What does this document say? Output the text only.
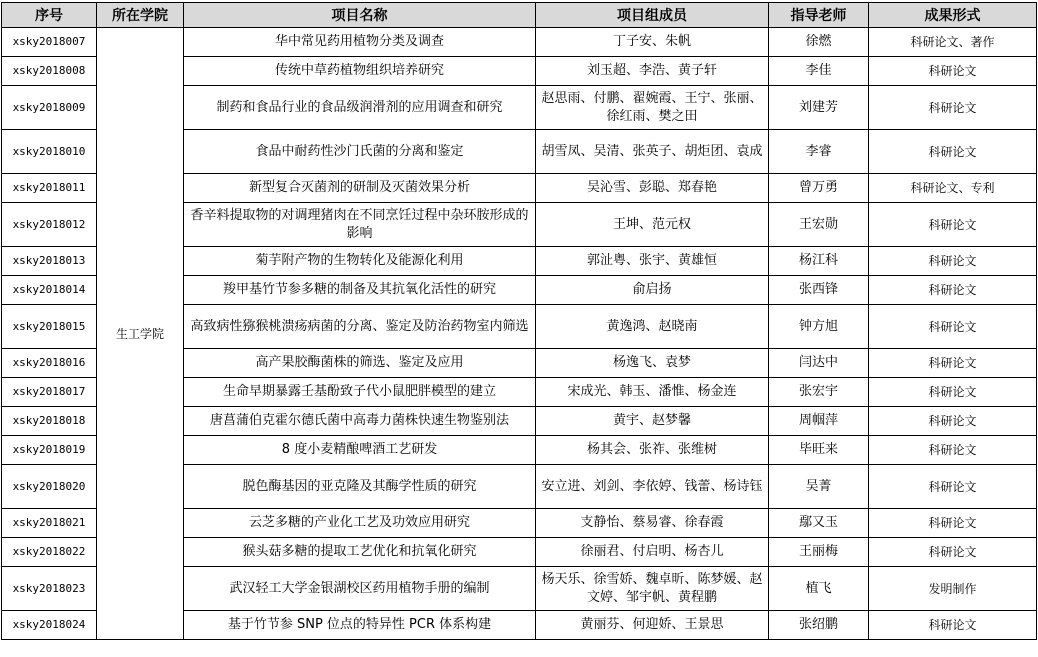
序号	所在学院	项目名称	项目组成员	指导老师	成果形式
xsky2018007	生工学院	华中常见药用植物分类及调查	丁子安、朱帆	徐燃	科研论文、著作
xsky2018008		传统中草药植物组织培养研究	刘玉超、李浩、黄子轩	李佳	科研论文
xsky2018009		制药和食品行业的食品级润滑剂的应用调查和研究	赵思雨、付鹏、翟婉霞、王宁、张丽、徐红雨、樊之田	刘建芳	科研论文
xsky2018010		食品中耐药性沙门氏菌的分离和鉴定	胡雪凤、吴清、张英子、胡炬团、袁成	李睿	科研论文
xsky2018011		新型复合灭菌剂的研制及灭菌效果分析	吴沁雪、彭聪、郑春艳	曾万勇	科研论文、专利
xsky2018012		香辛料提取物的对调理猪肉在不同烹饪过程中杂环胺形成的影响	王坤、范元权	王宏勋	科研论文
xsky2018013		菊芋附产物的生物转化及能源化利用	郭沚粤、张宇、黄雄恒	杨江科	科研论文
xsky2018014		羧甲基竹节参多糖的制备及其抗氧化活性的研究	俞启扬	张西锋	科研论文
xsky2018015		高致病性猕猴桃溃疡病菌的分离、鉴定及防治药物室内筛选	黄逸鸿、赵晓南	钟方旭	科研论文
xsky2018016		高产果胶酶菌株的筛选、鉴定及应用	杨逸飞、袁梦	闫达中	科研论文
xsky2018017		生命早期暴露壬基酚致子代小鼠肥胖模型的建立	宋成光、韩玉、潘惟、杨金连	张宏宇	科研论文
xsky2018018		唐菖蒲伯克霍尔德氏菌中高毒力菌株快速生物鉴别法	黄宇、赵梦馨	周帼萍	科研论文
xsky2018019		8 度小麦精酿啤酒工艺研发	杨其会、张祚、张维树	毕旺来	科研论文
xsky2018020		脱色酶基因的亚克隆及其酶学性质的研究	安立进、刘剑、李依婷、钱蕾、杨诗钰	吴菁	科研论文
xsky2018021		云芝多糖的产业化工艺及功效应用研究	支静怡、蔡易睿、徐春霞	鄢又玉	科研论文
xsky2018022		猴头菇多糖的提取工艺优化和抗氧化研究	徐丽君、付启明、杨杏儿	王丽梅	科研论文
xsky2018023		武汉轻工大学金银湖校区药用植物手册的编制	杨天乐、徐雪娇、魏卓昕、陈梦媛、赵文婷、邹宇帆、黄程鹏	植飞	发明制作
xsky2018024		基于竹节参 SNP 位点的特异性 PCR 体系构建	黄丽芬、何迎娇、王景思	张绍鹏	科研论文
